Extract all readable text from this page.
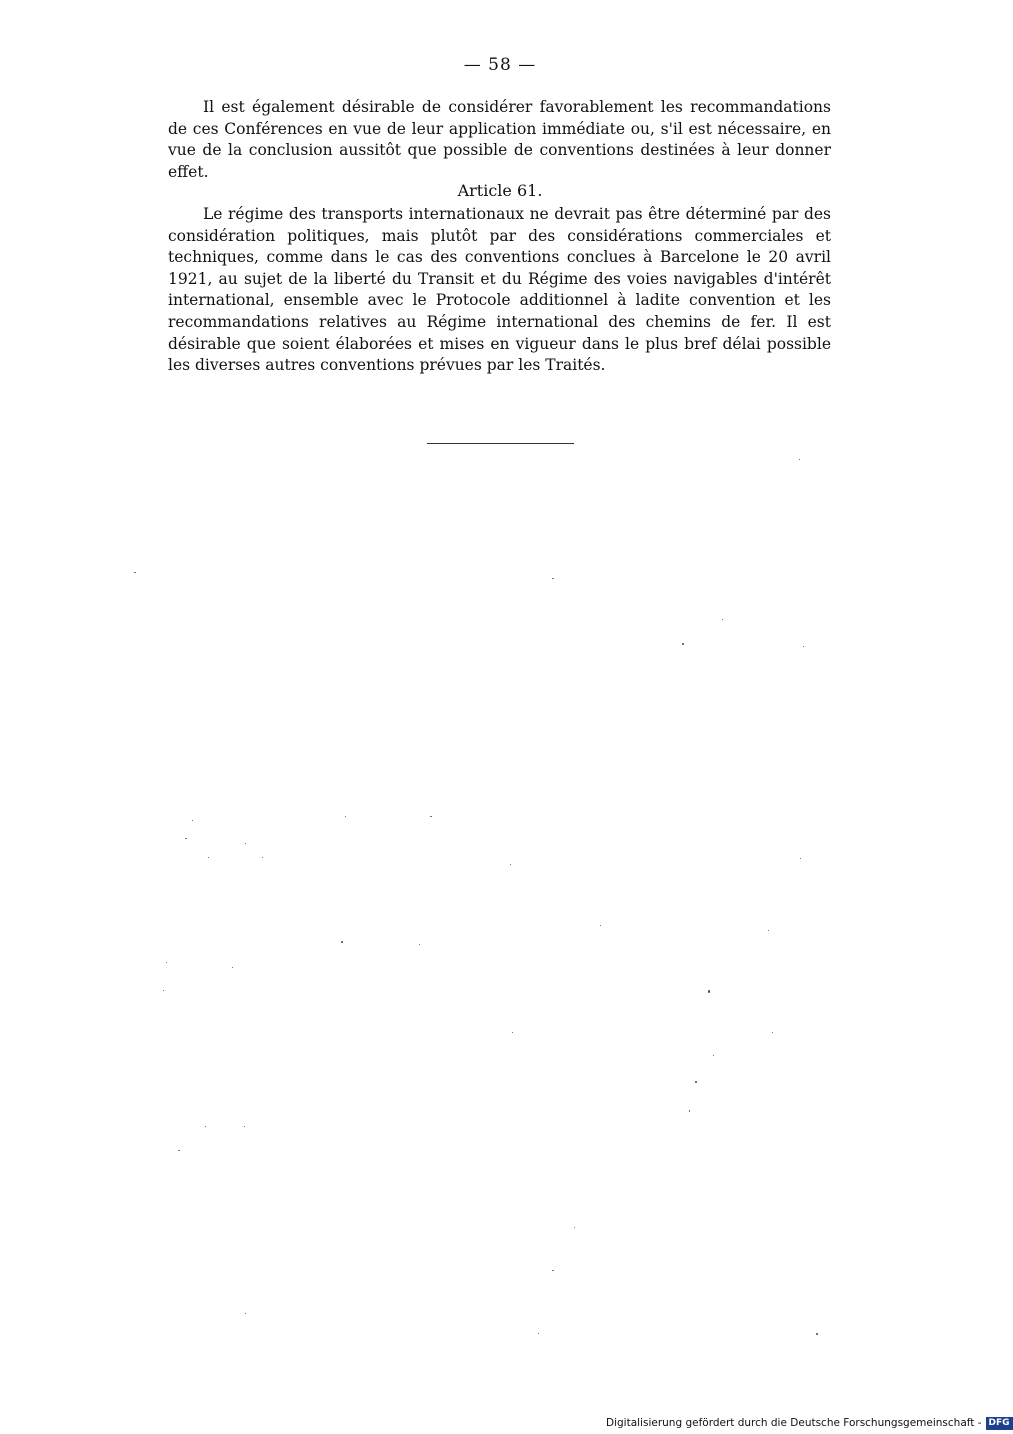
— 58 —

Il est également désirable de considérer favorablement les recommandations de ces Conférences en vue de leur application immédiate ou, s'il est nécessaire, en vue de la conclusion aussitôt que possible de conventions destinées à leur donner effet.

Article 61.

Le régime des transports internationaux ne devrait pas être déterminé par des considération politiques, mais plutôt par des considérations commerciales et techniques, comme dans le cas des conventions conclues à Barcelone le 20 avril 1921, au sujet de la liberté du Transit et du Régime des voies navigables d'intérêt international, ensemble avec le Protocole additionnel à ladite convention et les recommandations relatives au Régime international des chemins de fer. Il est désirable que soient élaborées et mises en vigueur dans le plus bref délai possible les diverses autres conventions prévues par les Traités.

Digitalisierung gefördert durch die Deutsche Forschungsgemeinschaft - DFG
